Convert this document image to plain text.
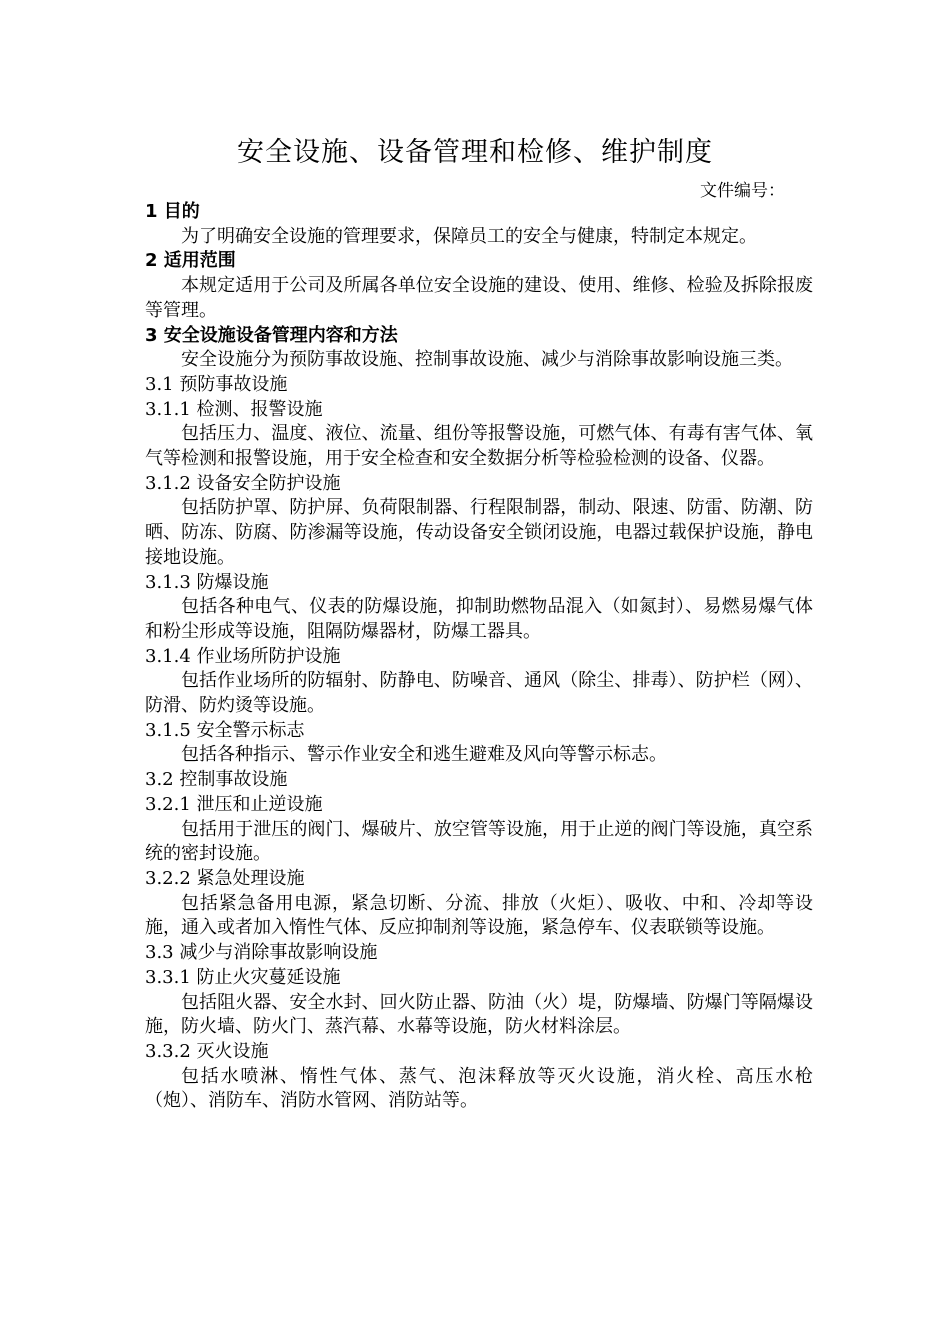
安全设施、设备管理和检修、维护制度

文件编号：

1 目的

为了明确安全设施的管理要求，保障员工的安全与健康，特制定本规定。

2 适用范围

本规定适用于公司及所属各单位安全设施的建设、使用、维修、检验及拆除报废等管理。

3 安全设施设备管理内容和方法

安全设施分为预防事故设施、控制事故设施、减少与消除事故影响设施三类。

3.1 预防事故设施

3.1.1 检测、报警设施

包括压力、温度、液位、流量、组份等报警设施，可燃气体、有毒有害气体、氧气等检测和报警设施，用于安全检查和安全数据分析等检验检测的设备、仪器。

3.1.2 设备安全防护设施

包括防护罩、防护屏、负荷限制器、行程限制器，制动、限速、防雷、防潮、防晒、防冻、防腐、防渗漏等设施，传动设备安全锁闭设施，电器过载保护设施，静电接地设施。

3.1.3 防爆设施

包括各种电气、仪表的防爆设施，抑制助燃物品混入（如氮封）、易燃易爆气体和粉尘形成等设施，阻隔防爆器材，防爆工器具。

3.1.4 作业场所防护设施

包括作业场所的防辐射、防静电、防噪音、通风（除尘、排毒）、防护栏（网）、防滑、防灼烫等设施。

3.1.5 安全警示标志

包括各种指示、警示作业安全和逃生避难及风向等警示标志。

3.2 控制事故设施

3.2.1 泄压和止逆设施

包括用于泄压的阀门、爆破片、放空管等设施，用于止逆的阀门等设施，真空系统的密封设施。

3.2.2 紧急处理设施

包括紧急备用电源，紧急切断、分流、排放（火炬）、吸收、中和、冷却等设施，通入或者加入惰性气体、反应抑制剂等设施，紧急停车、仪表联锁等设施。

3.3 减少与消除事故影响设施

3.3.1 防止火灾蔓延设施

包括阻火器、安全水封、回火防止器、防油（火）堤，防爆墙、防爆门等隔爆设施，防火墙、防火门、蒸汽幕、水幕等设施，防火材料涂层。

3.3.2 灭火设施

包括水喷淋、惰性气体、蒸气、泡沫释放等灭火设施，消火栓、高压水枪（炮）、消防车、消防水管网、消防站等。
